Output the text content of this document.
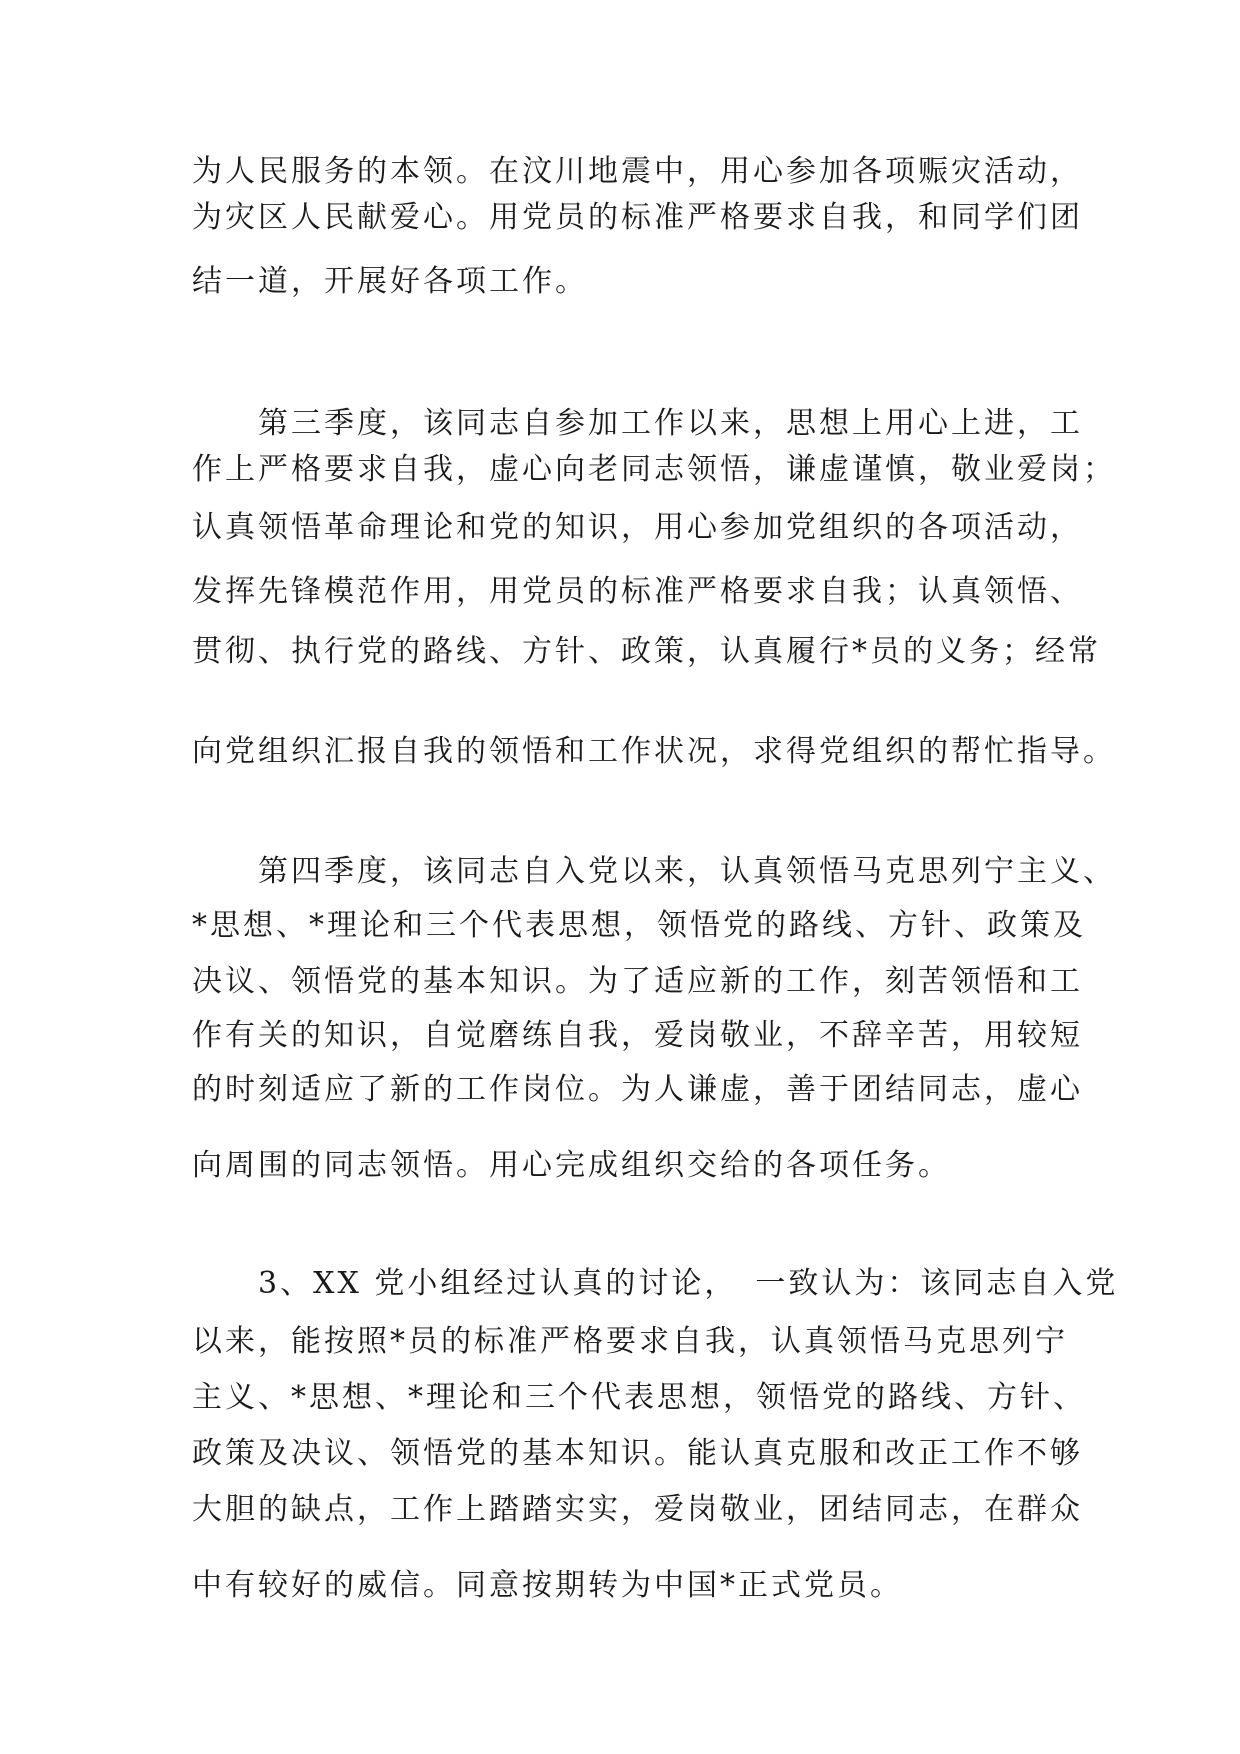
为人民服务的本领。在汶川地震中，用心参加各项赈灾活动，
为灾区人民献爱心。用党员的标准严格要求自我，和同学们团
结一道，开展好各项工作。
　　第三季度，该同志自参加工作以来，思想上用心上进，工
作上严格要求自我，虚心向老同志领悟，谦虚谨慎，敬业爱岗；
认真领悟革命理论和党的知识，用心参加党组织的各项活动，
发挥先锋模范作用，用党员的标准严格要求自我；认真领悟、
贯彻、执行党的路线、方针、政策，认真履行*员的义务；经常
向党组织汇报自我的领悟和工作状况，求得党组织的帮忙指导。
　　第四季度，该同志自入党以来，认真领悟马克思列宁主义、
*思想、*理论和三个代表思想，领悟党的路线、方针、政策及
决议、领悟党的基本知识。为了适应新的工作，刻苦领悟和工
作有关的知识，自觉磨练自我，爱岗敬业，不辞辛苦，用较短
的时刻适应了新的工作岗位。为人谦虚，善于团结同志，虚心
向周围的同志领悟。用心完成组织交给的各项任务。
　　3、XX 党小组经过认真的讨论，　一致认为：该同志自入党
以来，能按照*员的标准严格要求自我，认真领悟马克思列宁
主义、*思想、*理论和三个代表思想，领悟党的路线、方针、
政策及决议、领悟党的基本知识。能认真克服和改正工作不够
大胆的缺点，工作上踏踏实实，爱岗敬业，团结同志，在群众
中有较好的威信。同意按期转为中国*正式党员。
